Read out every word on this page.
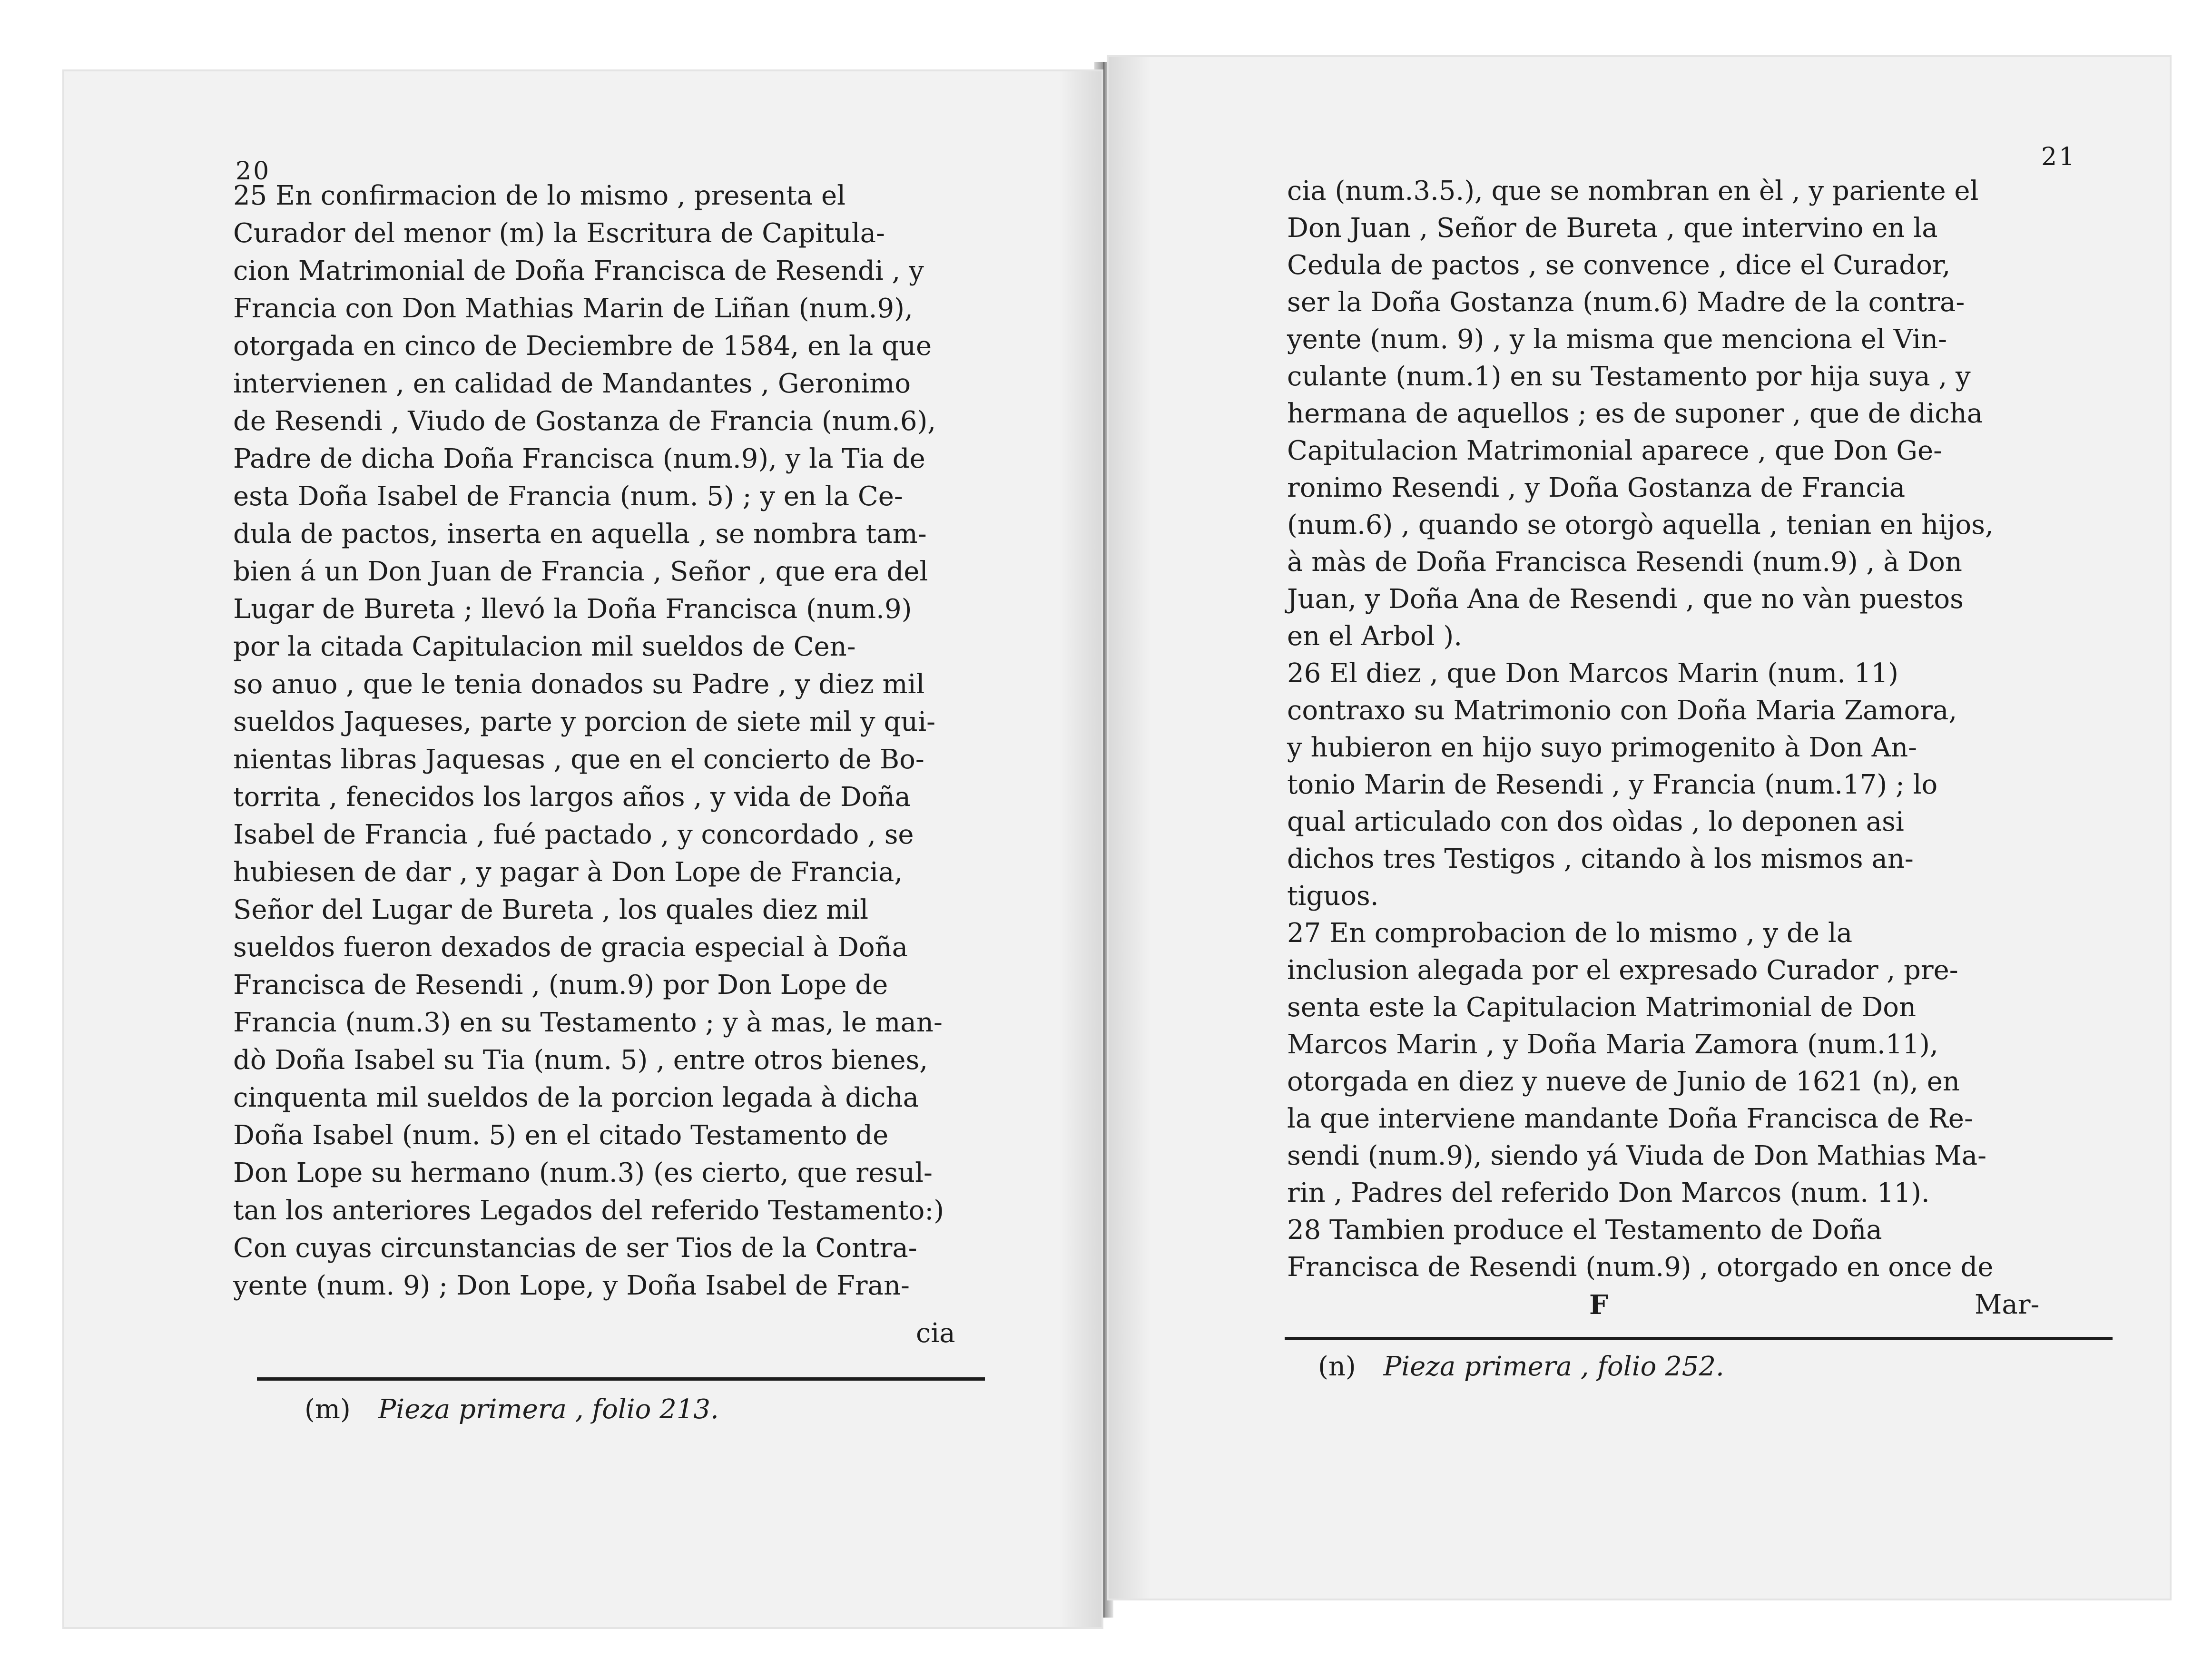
20
25 En confirmacion de lo mismo , presenta el
Curador del menor (m) la Escritura de Capitula-
cion Matrimonial de Doña Francisca de Resendi , y
Francia con Don Mathias Marin de Liñan (num.9),
otorgada en cinco de Deciembre de 1584, en la que
intervienen , en calidad de Mandantes , Geronimo
de Resendi , Viudo de Gostanza de Francia (num.6),
Padre de dicha Doña Francisca (num.9), y la Tia de
esta Doña Isabel de Francia (num. 5) ; y en la Ce-
dula de pactos, inserta en aquella , se nombra tam-
bien á un Don Juan de Francia , Señor , que era del
Lugar de Bureta ; llevó la Doña Francisca (num.9)
por la citada Capitulacion mil sueldos de Cen-
so anuo , que le tenia donados su Padre , y diez mil
sueldos Jaqueses, parte y porcion de siete mil y qui-
nientas libras Jaquesas , que en el concierto de Bo-
torrita , fenecidos los largos años , y vida de Doña
Isabel de Francia , fué pactado , y concordado , se
hubiesen de dar , y pagar à Don Lope de Francia,
Señor del Lugar de Bureta , los quales diez mil
sueldos fueron dexados de gracia especial à Doña
Francisca de Resendi , (num.9) por Don Lope de
Francia (num.3) en su Testamento ; y à mas, le man-
dò Doña Isabel su Tia (num. 5) , entre otros bienes,
cinquenta mil sueldos de la porcion legada à dicha
Doña Isabel (num. 5) en el citado Testamento de
Don Lope su hermano (num.3) (es cierto, que resul-
tan los anteriores Legados del referido Testamento:)
Con cuyas circunstancias de ser Tios de la Contra-
yente (num. 9) ; Don Lope, y Doña Isabel de Fran-
cia
(m) Pieza primera , folio 213.
21
cia (num.3.5.), que se nombran en èl , y pariente el
Don Juan , Señor de Bureta , que intervino en la
Cedula de pactos , se convence , dice el Curador,
ser la Doña Gostanza (num.6) Madre de la contra-
yente (num. 9) , y la misma que menciona el Vin-
culante (num.1) en su Testamento por hija suya , y
hermana de aquellos ; es de suponer , que de dicha
Capitulacion Matrimonial aparece , que Don Ge-
ronimo Resendi , y Doña Gostanza de Francia
(num.6) , quando se otorgò aquella , tenian en hijos,
à màs de Doña Francisca Resendi (num.9) , à Don
Juan, y Doña Ana de Resendi , que no vàn puestos
en el Arbol ).
26 El diez , que Don Marcos Marin (num. 11)
contraxo su Matrimonio con Doña Maria Zamora,
y hubieron en hijo suyo primogenito à Don An-
tonio Marin de Resendi , y Francia (num.17) ; lo
qual articulado con dos oìdas , lo deponen asi
dichos tres Testigos , citando à los mismos an-
tiguos.
27 En comprobacion de lo mismo , y de la
inclusion alegada por el expresado Curador , pre-
senta este la Capitulacion Matrimonial de Don
Marcos Marin , y Doña Maria Zamora (num.11),
otorgada en diez y nueve de Junio de 1621 (n), en
la que interviene mandante Doña Francisca de Re-
sendi (num.9), siendo yá Viuda de Don Mathias Ma-
rin , Padres del referido Don Marcos (num. 11).
28 Tambien produce el Testamento de Doña
Francisca de Resendi (num.9) , otorgado en once de
F	Mar-
(n) Pieza primera , folio 252.
